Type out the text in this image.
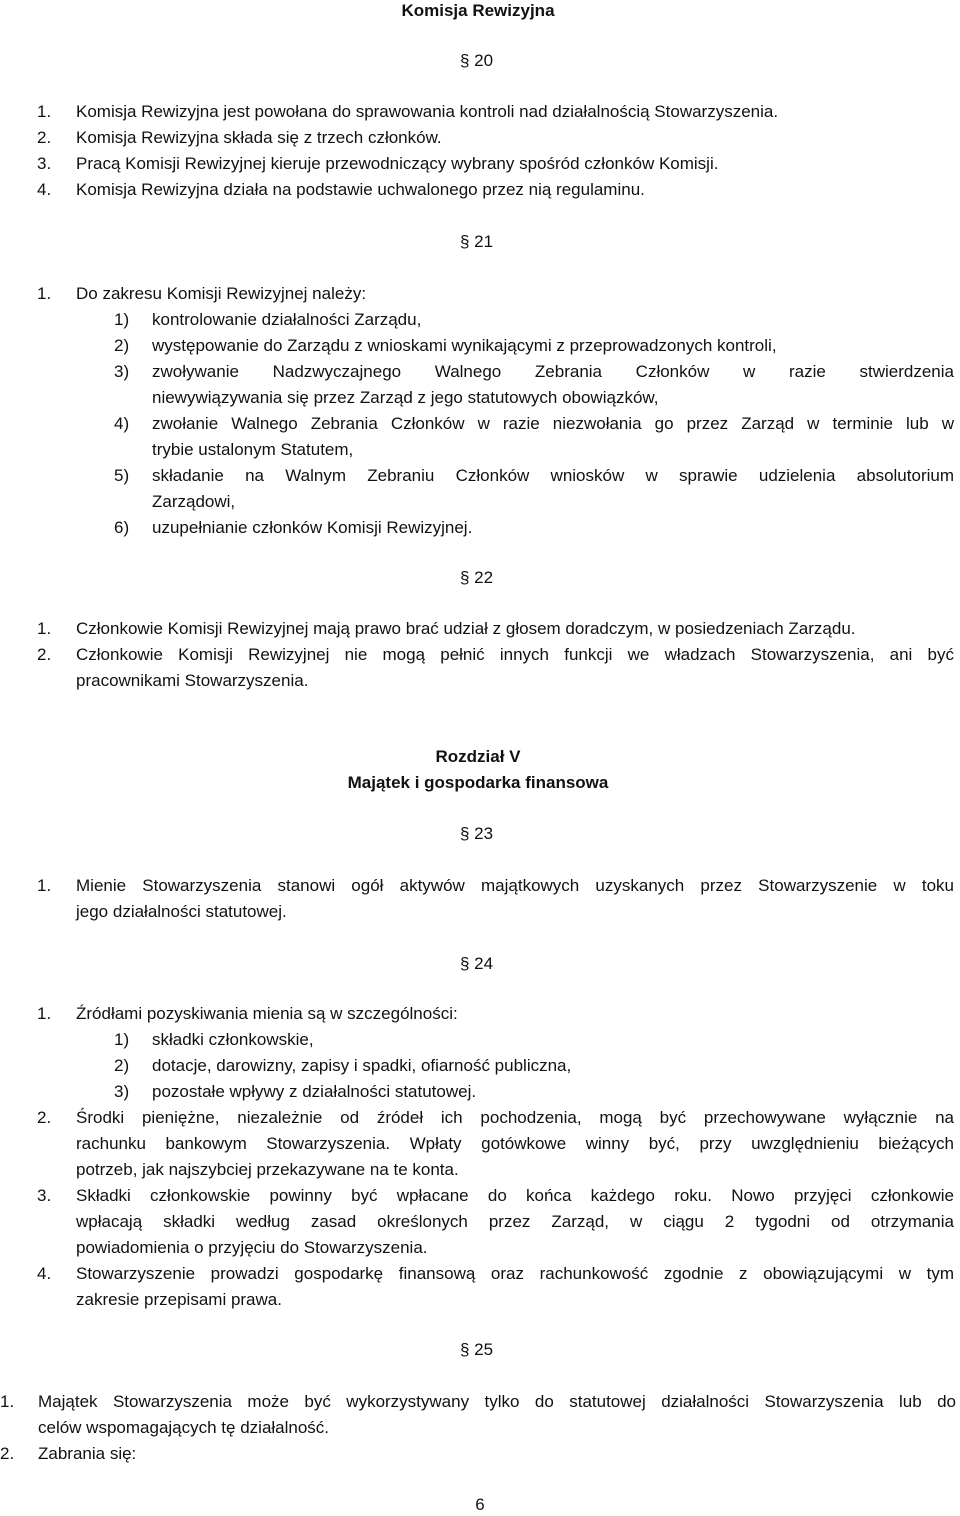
Komisja Rewizyjna
§ 20
1. Komisja Rewizyjna jest powołana do sprawowania kontroli nad działalnością Stowarzyszenia.
2. Komisja Rewizyjna składa się z trzech członków.
3. Pracą Komisji Rewizyjnej kieruje przewodniczący wybrany spośród członków Komisji.
4. Komisja Rewizyjna działa na podstawie uchwalonego przez nią regulaminu.
§ 21
1. Do zakresu Komisji Rewizyjnej należy:
1) kontrolowanie działalności Zarządu,
2) występowanie do Zarządu z wnioskami wynikającymi z przeprowadzonych kontroli,
3) zwoływanie Nadzwyczajnego Walnego Zebrania Członków w razie stwierdzenia
niewywiązywania się przez Zarząd z jego statutowych obowiązków,
4) zwołanie Walnego Zebrania Członków w razie niezwołania go przez Zarząd w terminie lub w
trybie ustalonym Statutem,
5) składanie na Walnym Zebraniu Członków wniosków w sprawie udzielenia absolutorium
Zarządowi,
6) uzupełnianie członków Komisji Rewizyjnej.
§ 22
1. Członkowie Komisji Rewizyjnej mają prawo brać udział z głosem doradczym, w posiedzeniach Zarządu.
2. Członkowie Komisji Rewizyjnej nie mogą pełnić innych funkcji we władzach Stowarzyszenia, ani być
pracownikami Stowarzyszenia.
Rozdział V
Majątek i gospodarka finansowa
§ 23
1. Mienie Stowarzyszenia stanowi ogół aktywów majątkowych uzyskanych przez Stowarzyszenie w toku
jego działalności statutowej.
§ 24
1. Źródłami pozyskiwania mienia są w szczególności:
1) składki członkowskie,
2) dotacje, darowizny, zapisy i spadki, ofiarność publiczna,
3) pozostałe wpływy z działalności statutowej.
2. Środki pieniężne, niezależnie od źródeł ich pochodzenia, mogą być przechowywane wyłącznie na
rachunku bankowym Stowarzyszenia. Wpłaty gotówkowe winny być, przy uwzględnieniu bieżących
potrzeb, jak najszybciej przekazywane na te konta.
3. Składki członkowskie powinny być wpłacane do końca każdego roku. Nowo przyjęci członkowie
wpłacają składki według zasad określonych przez Zarząd, w ciągu 2 tygodni od otrzymania
powiadomienia o przyjęciu do Stowarzyszenia.
4. Stowarzyszenie prowadzi gospodarkę finansową oraz rachunkowość zgodnie z obowiązującymi w tym
zakresie przepisami prawa.
§ 25
1. Majątek Stowarzyszenia może być wykorzystywany tylko do statutowej działalności Stowarzyszenia lub do
celów wspomagających tę działalność.
2. Zabrania się:
6
